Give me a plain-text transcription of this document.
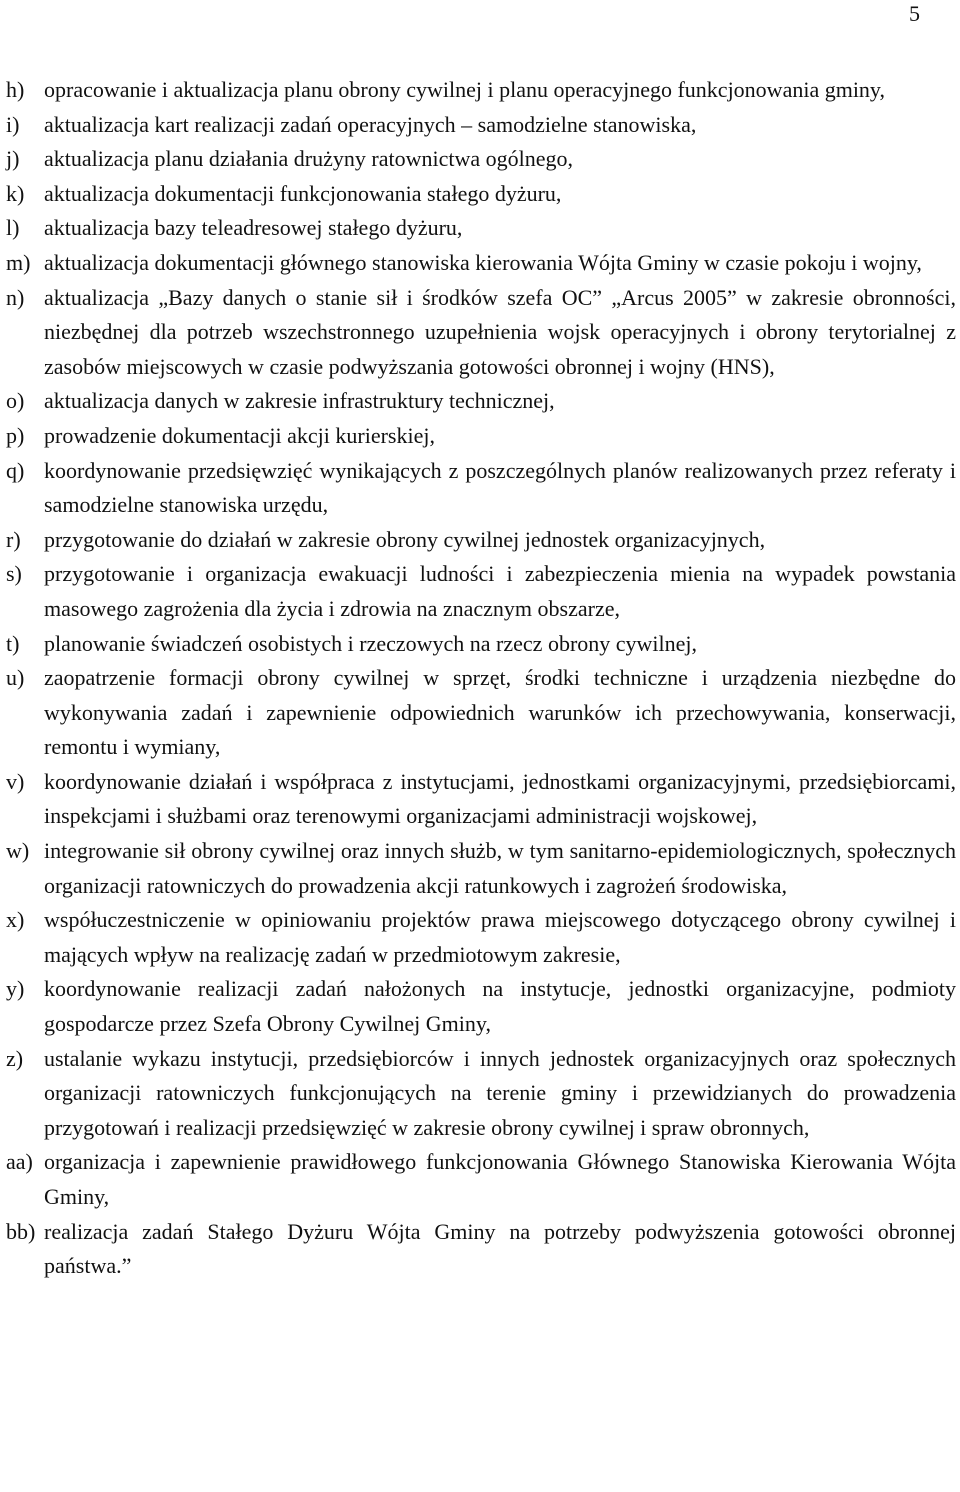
5
h) opracowanie i aktualizacja planu obrony cywilnej i planu operacyjnego funkcjonowania gminy,
i)	aktualizacja kart realizacji zadań operacyjnych – samodzielne stanowiska,
j)	aktualizacja planu działania drużyny ratownictwa ogólnego,
k) aktualizacja dokumentacji funkcjonowania stałego dyżuru,
l)	aktualizacja bazy teleadresowej stałego dyżuru,
m) aktualizacja dokumentacji głównego stanowiska kierowania Wójta Gminy w czasie pokoju i wojny,
n) aktualizacja „Bazy danych o stanie sił i środków szefa OC” „Arcus 2005” w zakresie obronności, niezbędnej dla potrzeb wszechstronnego uzupełnienia wojsk operacyjnych i obrony terytorialnej z zasobów miejscowych w czasie podwyższania gotowości obronnej i wojny (HNS),
o) aktualizacja danych w zakresie infrastruktury technicznej,
p) prowadzenie dokumentacji akcji kurierskiej,
q) koordynowanie przedsięwzięć wynikających z poszczególnych planów realizowanych przez referaty i samodzielne stanowiska urzędu,
r)	przygotowanie do działań w zakresie obrony cywilnej jednostek organizacyjnych,
s)	przygotowanie i organizacja ewakuacji ludności i zabezpieczenia mienia na wypadek powstania masowego zagrożenia dla życia i zdrowia na znacznym obszarze,
t)	planowanie świadczeń osobistych i rzeczowych na rzecz obrony cywilnej,
u) zaopatrzenie formacji obrony cywilnej w sprzęt, środki techniczne i urządzenia niezbędne do wykonywania zadań i zapewnienie odpowiednich warunków ich przechowywania, konserwacji, remontu i wymiany,
v) koordynowanie działań i współpraca z instytucjami, jednostkami organizacyjnymi, przedsiębiorcami, inspekcjami i służbami oraz terenowymi organizacjami administracji wojskowej,
w) integrowanie sił obrony cywilnej oraz innych służb, w tym sanitarno-epidemiologicznych, społecznych organizacji ratowniczych do prowadzenia akcji ratunkowych i zagrożeń środowiska,
x) współuczestniczenie w opiniowaniu projektów prawa miejscowego dotyczącego obrony cywilnej i mających wpływ na realizację zadań w przedmiotowym zakresie,
y) koordynowanie realizacji zadań nałożonych na instytucje, jednostki organizacyjne, podmioty gospodarcze przez Szefa Obrony Cywilnej Gminy,
z) ustalanie wykazu instytucji, przedsiębiorców i innych jednostek organizacyjnych oraz społecznych organizacji ratowniczych funkcjonujących na terenie gminy i przewidzianych do prowadzenia przygotowań i realizacji przedsięwzięć w zakresie obrony cywilnej i spraw obronnych,
aa) organizacja i zapewnienie prawidłowego funkcjonowania Głównego Stanowiska Kierowania Wójta Gminy,
bb) realizacja zadań Stałego Dyżuru Wójta Gminy na potrzeby podwyższenia gotowości obronnej państwa.”
